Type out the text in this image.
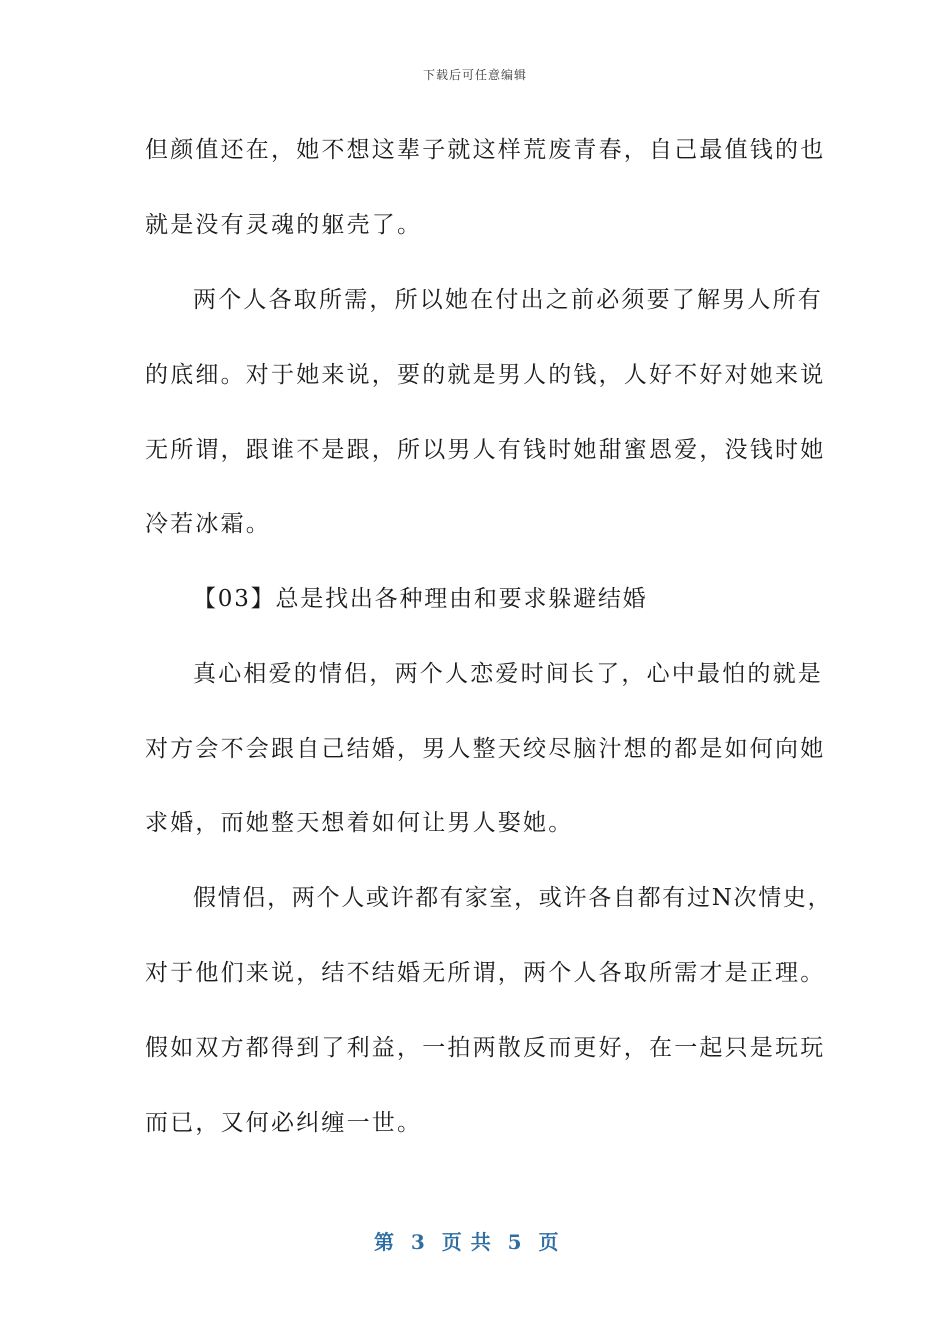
下载后可任意编辑
但颜值还在，她不想这辈子就这样荒废青春，自己最值钱的也
就是没有灵魂的躯壳了。
两个人各取所需，所以她在付出之前必须要了解男人所有
的底细。对于她来说，要的就是男人的钱，人好不好对她来说
无所谓，跟谁不是跟，所以男人有钱时她甜蜜恩爱，没钱时她
冷若冰霜。
【03】总是找出各种理由和要求躲避结婚
真心相爱的情侣，两个人恋爱时间长了，心中最怕的就是
对方会不会跟自己结婚，男人整天绞尽脑汁想的都是如何向她
求婚，而她整天想着如何让男人娶她。
假情侣，两个人或许都有家室，或许各自都有过N次情史，
对于他们来说，结不结婚无所谓，两个人各取所需才是正理。
假如双方都得到了利益，一拍两散反而更好，在一起只是玩玩
而已，又何必纠缠一世。
第  3  页 共  5  页
